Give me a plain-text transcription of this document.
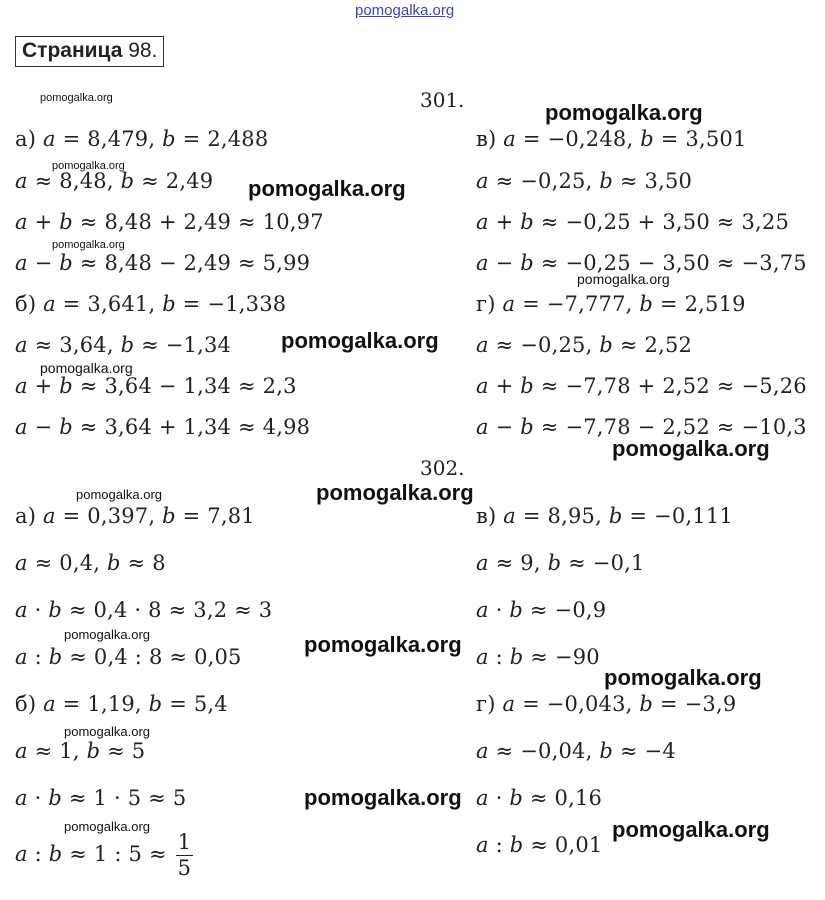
pomogalka.org
Страница 98.
301.
302.
а) 𝑎 = 8,479, 𝑏 = 2,488
𝑎 ≈ 8,48, 𝑏 ≈ 2,49
𝑎 + 𝑏 ≈ 8,48 + 2,49 ≈ 10,97
𝑎 − 𝑏 ≈ 8,48 − 2,49 ≈ 5,99
б) 𝑎 = 3,641, 𝑏 = −1,338
𝑎 ≈ 3,64, 𝑏 ≈ −1,34
𝑎 + 𝑏 ≈ 3,64 − 1,34 ≈ 2,3
𝑎 − 𝑏 ≈ 3,64 + 1,34 ≈ 4,98
в) 𝑎 = −0,248, 𝑏 = 3,501
𝑎 ≈ −0,25, 𝑏 ≈ 3,50
𝑎 + 𝑏 ≈ −0,25 + 3,50 ≈ 3,25
𝑎 − 𝑏 ≈ −0,25 − 3,50 ≈ −3,75
г) 𝑎 = −7,777, 𝑏 = 2,519
𝑎 ≈ −0,25, 𝑏 ≈ 2,52
𝑎 + 𝑏 ≈ −7,78 + 2,52 ≈ −5,26
𝑎 − 𝑏 ≈ −7,78 − 2,52 ≈ −10,3
а) 𝑎 = 0,397, 𝑏 = 7,81
𝑎 ≈ 0,4, 𝑏 ≈ 8
𝑎 · 𝑏 ≈ 0,4 · 8 ≈ 3,2 ≈ 3
𝑎 : 𝑏 ≈ 0,4 : 8 ≈ 0,05
б) 𝑎 = 1,19, 𝑏 = 5,4
𝑎 ≈ 1, 𝑏 ≈ 5
𝑎 · 𝑏 ≈ 1 · 5 ≈ 5
𝑎 : 𝑏 ≈ 1 : $5 \approx \frac{1}{5}$
в) 𝑎 = 8,95, 𝑏 = −0,111
𝑎 ≈ 9, 𝑏 ≈ −0,1
𝑎 · 𝑏 ≈ −0,9
𝑎 : 𝑏 ≈ −90
г) 𝑎 = −0,043, 𝑏 = −3,9
𝑎 ≈ −0,04, 𝑏 ≈ −4
𝑎 · 𝑏 ≈ 0,16
𝑎 : 𝑏 ≈ 0,01
pomogalka.org
pomogalka.org
pomogalka.org
pomogalka.org
pomogalka.org
pomogalka.org
pomogalka.org
pomogalka.org
pomogalka.org
pomogalka.org	pomogalka.org
pomogalka.org	pomogalka.org
pomogalka.org
pomogalka.org
pomogalka.org
pomogalka.org	pomogalka.org
